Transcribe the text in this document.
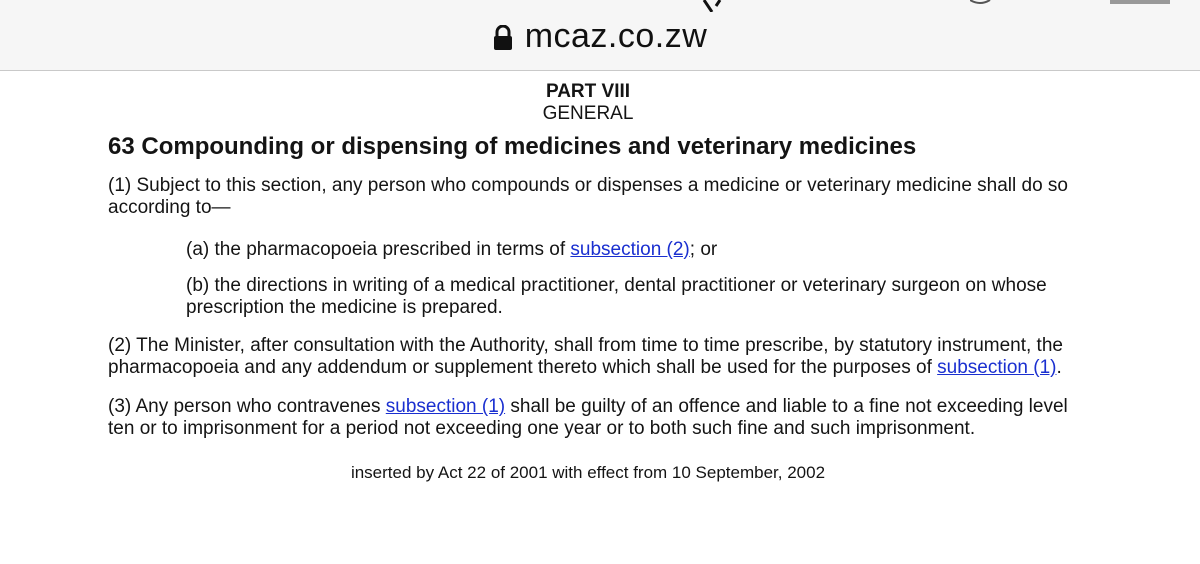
mcaz.co.zw
PART VIII
GENERAL
63 Compounding or dispensing of medicines and veterinary medicines
(1) Subject to this section, any person who compounds or dispenses a medicine or veterinary medicine shall do so according to—
(a) the pharmacopoeia prescribed in terms of subsection (2); or
(b) the directions in writing of a medical practitioner, dental practitioner or veterinary surgeon on whose prescription the medicine is prepared.
(2) The Minister, after consultation with the Authority, shall from time to time prescribe, by statutory instrument, the pharmacopoeia and any addendum or supplement thereto which shall be used for the purposes of subsection (1).
(3) Any person who contravenes subsection (1) shall be guilty of an offence and liable to a fine not exceeding level ten or to imprisonment for a period not exceeding one year or to both such fine and such imprisonment.
inserted by Act 22 of 2001 with effect from 10 September, 2002
